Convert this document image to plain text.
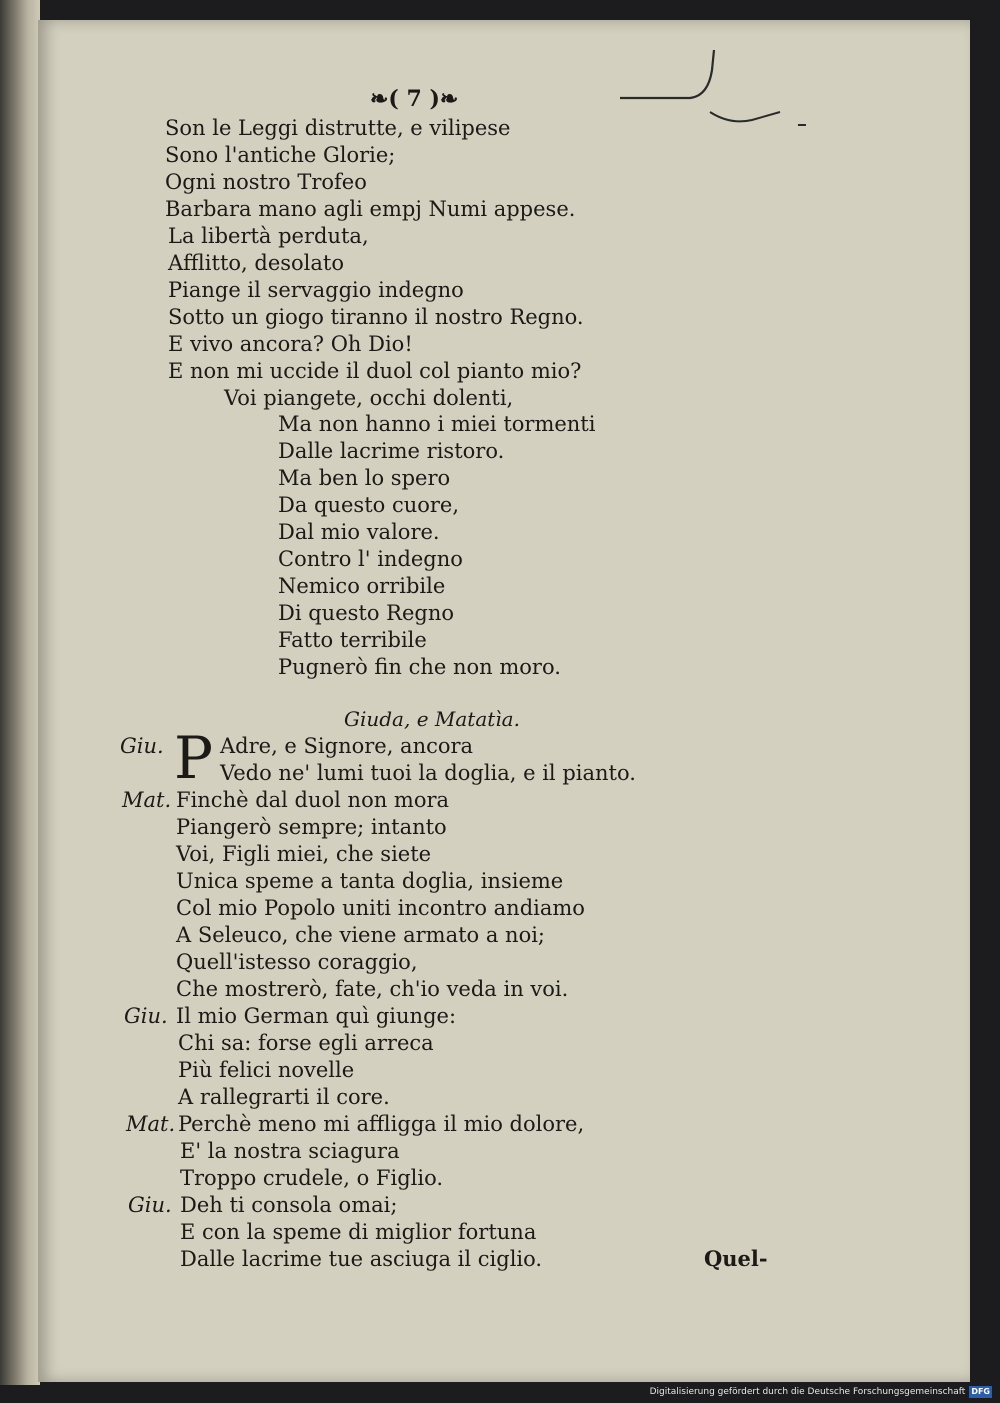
❧( 7 )❧
Son le Leggi distrutte, e vilipese
Sono l'antiche Glorie;
Ogni nostro Trofeo
Barbara mano agli empj Numi appese.
La libertà perduta,
Afflitto, desolato
Piange il servaggio indegno
Sotto un giogo tiranno il nostro Regno.
E vivo ancora? Oh Dio!
E non mi uccide il duol col pianto mio?
Voi piangete, occhi dolenti,
Ma non hanno i miei tormenti
Dalle lacrime ristoro.
Ma ben lo spero
Da questo cuore,
Dal mio valore.
Contro l' indegno
Nemico orribile
Di questo Regno
Fatto terribile
Pugnerò fin che non moro.
Giuda, e Matatìa.
P
Giu.	Adre, e Signore, ancora
Vedo ne' lumi tuoi la doglia, e il pianto.
Mat. Finchè dal duol non mora
Piangerò sempre; intanto
Voi, Figli miei, che siete
Unica speme a tanta doglia, insieme
Col mio Popolo uniti incontro andiamo
A Seleuco, che viene armato a noi;
Quell'istesso coraggio,
Che mostrerò, fate, ch'io veda in voi.
Giu. Il mio German quì giunge:
Chi sa: forse egli arreca
Più felici novelle
A rallegrarti il core.
Mat. Perchè meno mi affligga il mio dolore,
E' la nostra sciagura
Troppo crudele, o Figlio.
Giu. Deh ti consola omai;
E con la speme di miglior fortuna
Dalle lacrime tue asciuga il ciglio.	Quel-
Digitalisierung gefördert durch die Deutsche Forschungsgemeinschaft DFG
